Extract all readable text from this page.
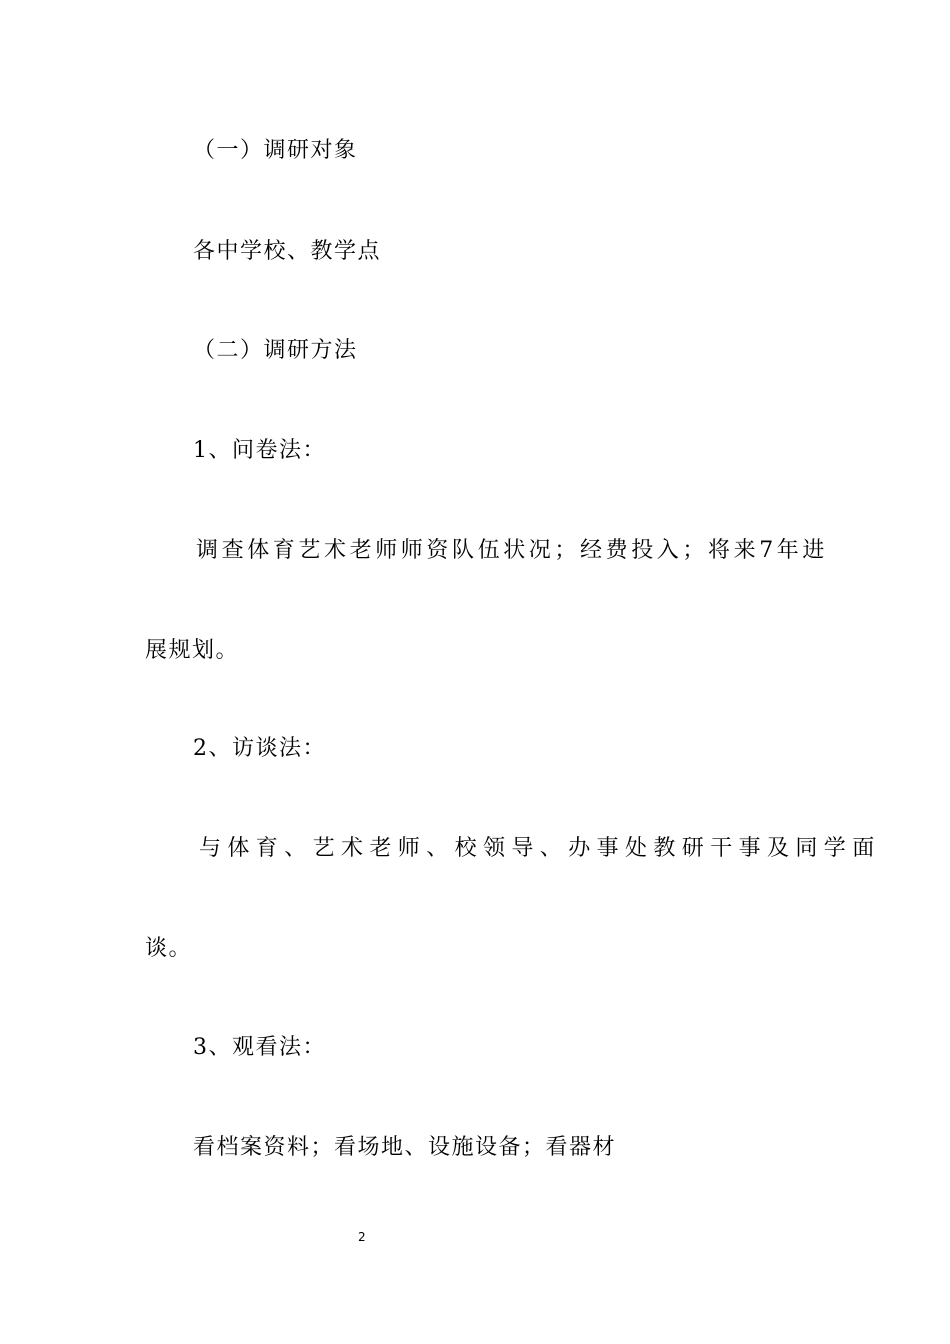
（一）调研对象
各中学校、教学点
（二）调研方法
1、问卷法：
调查体育艺术老师师资队伍状况；经费投入；将来7年进
展规划。
2、访谈法：
与体育、艺术老师、校领导、办事处教研干事及同学面
谈。
3、观看法：
看档案资料；看场地、设施设备；看器材
2
